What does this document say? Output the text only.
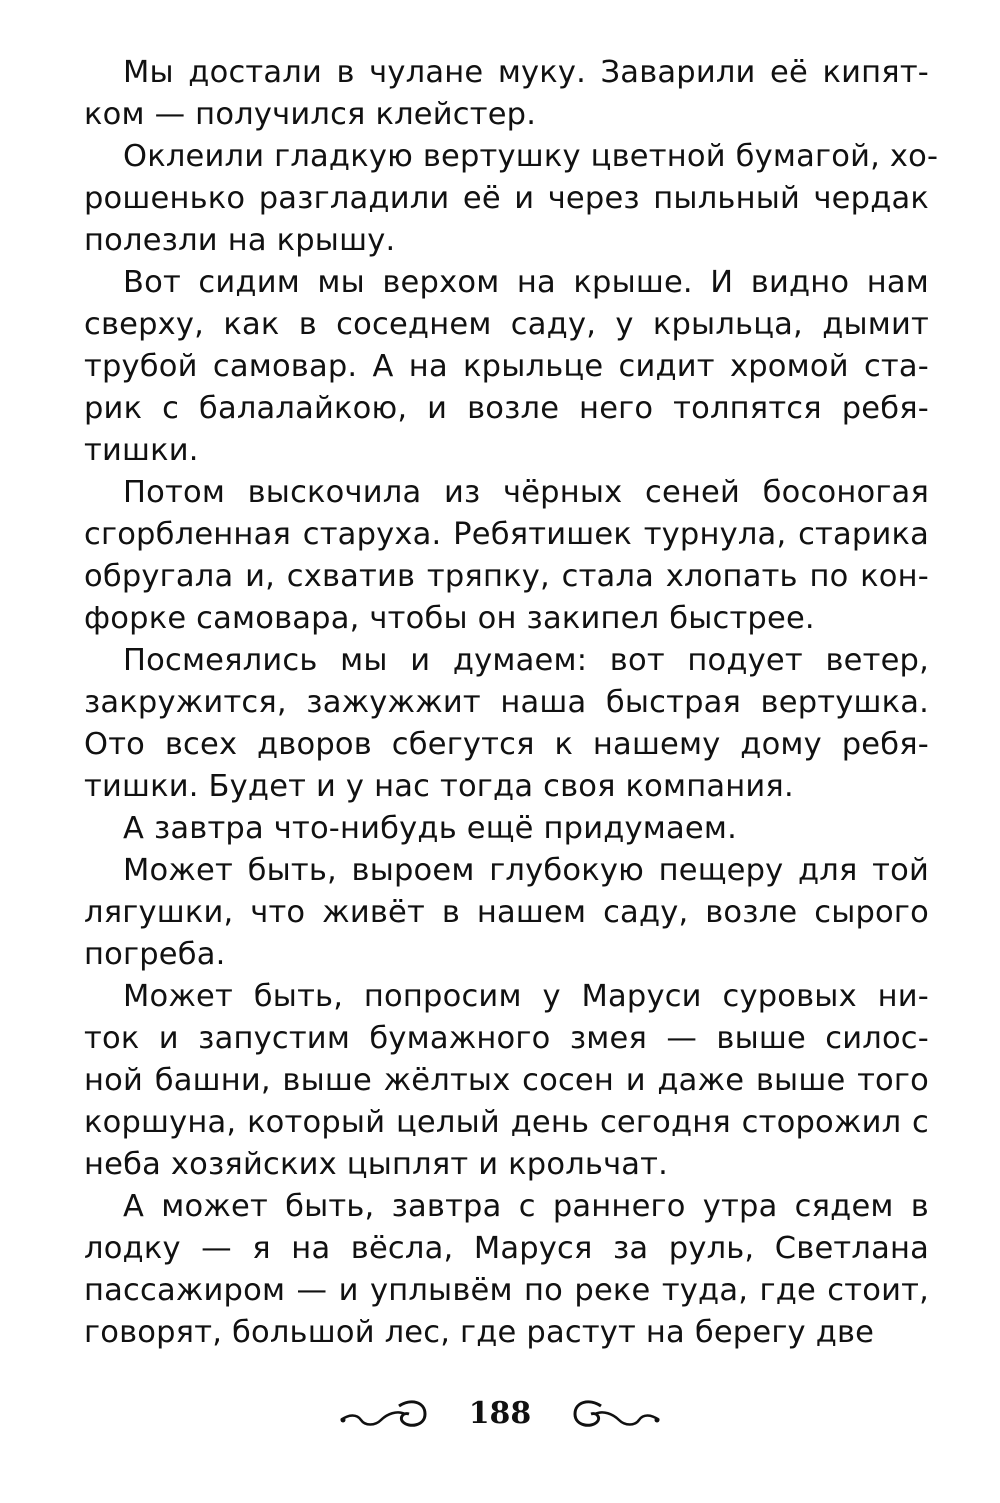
Мы достали в чулане муку. Заварили её кипят-
ком — получился клейстер.
Оклеили гладкую вертушку цветной бумагой, хо-
рошенько разгладили её и через пыльный чердак
полезли на крышу.
Вот сидим мы верхом на крыше. И видно нам
сверху, как в соседнем саду, у крыльца, дымит
трубой самовар. А на крыльце сидит хромой ста-
рик с балалайкою, и возле него толпятся ребя-
тишки.
Потом выскочила из чёрных сеней босоногая
сгорбленная старуха. Ребятишек турнула, старика
обругала и, схватив тряпку, стала хлопать по кон-
форке самовара, чтобы он закипел быстрее.
Посмеялись мы и думаем: вот подует ветер,
закружится, зажужжит наша быстрая вертушка.
Ото всех дворов сбегутся к нашему дому ребя-
тишки. Будет и у нас тогда своя компания.
А завтра что-нибудь ещё придумаем.
Может быть, выроем глубокую пещеру для той
лягушки, что живёт в нашем саду, возле сырого
погреба.
Может быть, попросим у Маруси суровых ни-
ток и запустим бумажного змея — выше силос-
ной башни, выше жёлтых сосен и даже выше того
коршуна, который целый день сегодня сторожил с
неба хозяйских цыплят и крольчат.
А может быть, завтра с раннего утра сядем в
лодку — я на вёсла, Маруся за руль, Светлана
пассажиром — и уплывём по реке туда, где стоит,
говорят, большой лес, где растут на берегу две
188
